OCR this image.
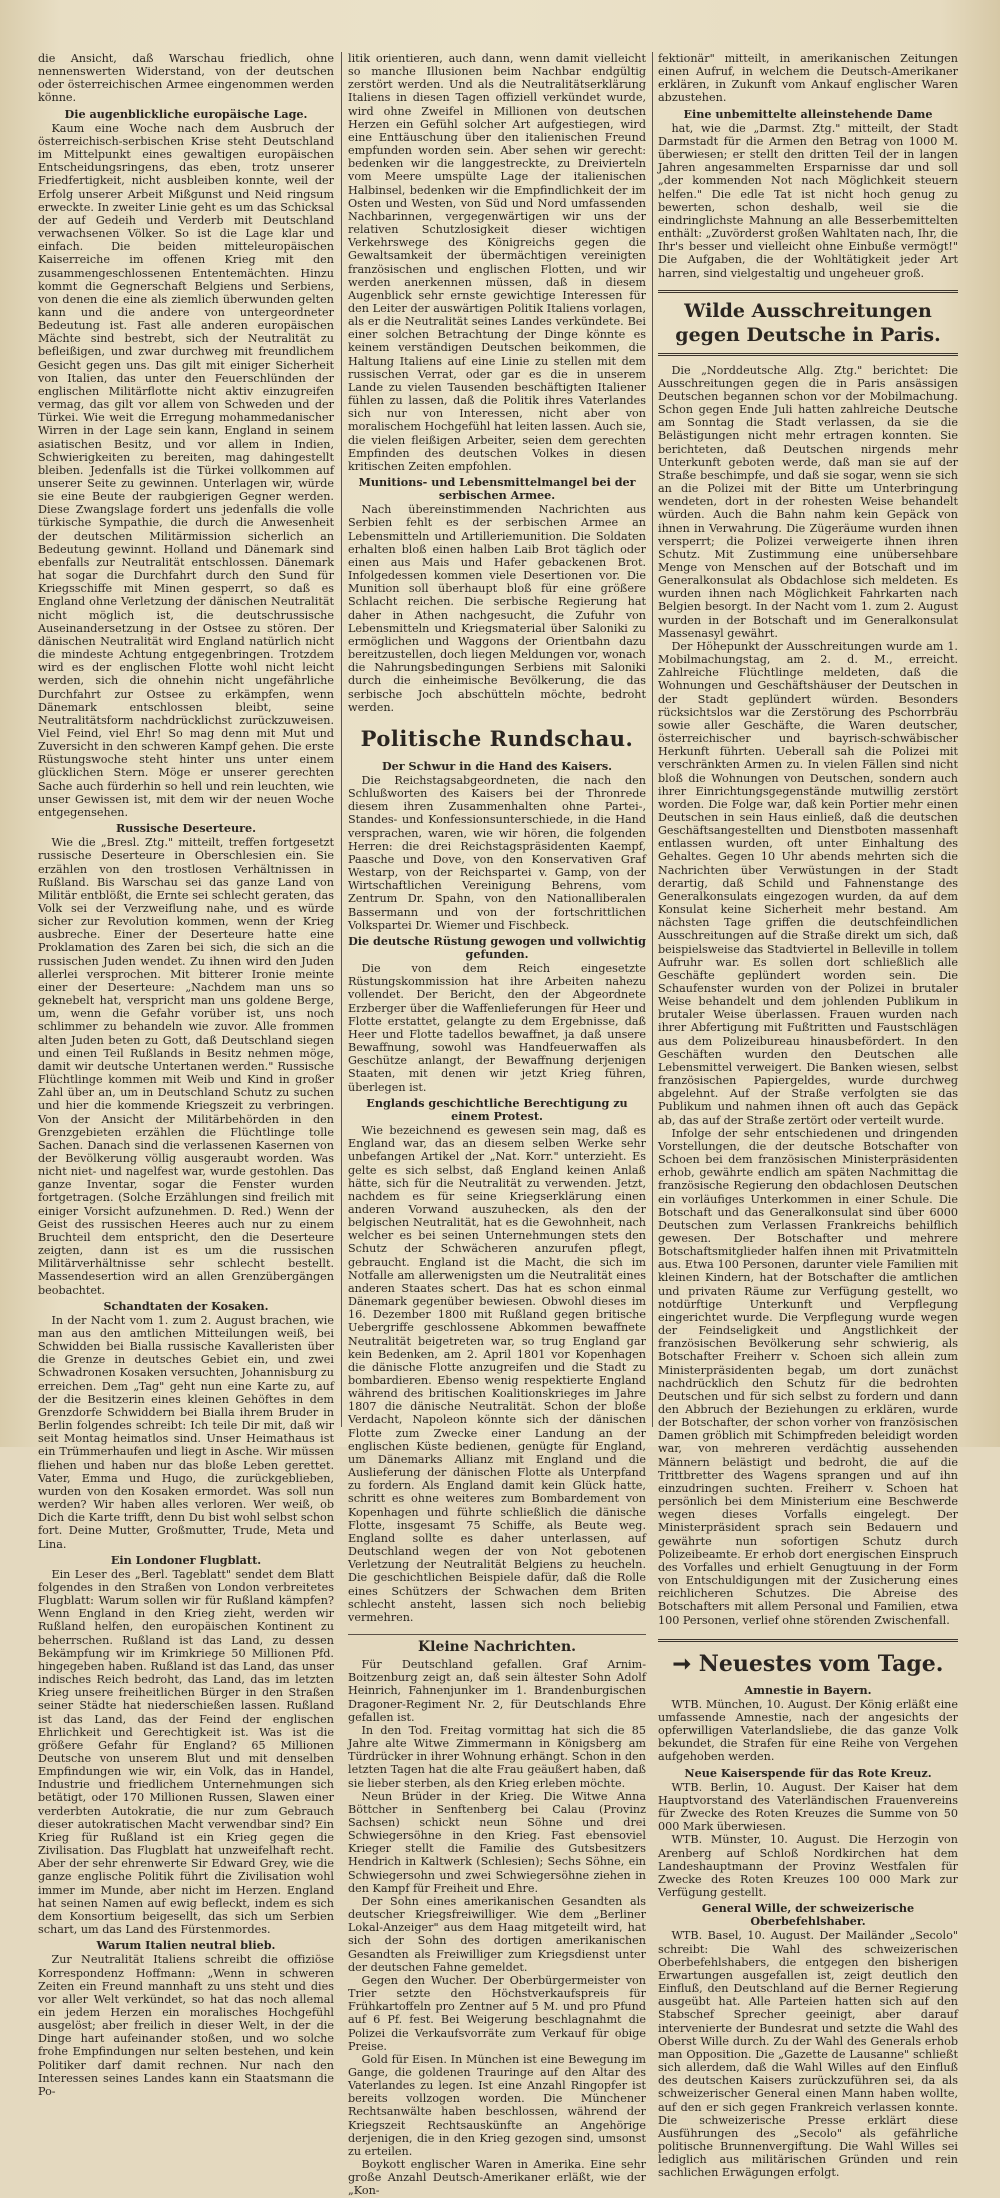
die Ansicht, daß Warschau friedlich, ohne nennenswerten Widerstand, von der deutschen oder österreichischen Armee eingenommen werden könne.

Die augenblickliche europäische Lage.

Kaum eine Woche nach dem Ausbruch der österreichisch-serbischen Krise steht Deutschland im Mittelpunkt eines gewaltigen europäischen Entscheidungsringens, das eben, trotz unserer Friedfertigkeit, nicht ausbleiben konnte, weil der Erfolg unserer Arbeit Mißgunst und Neid ringsum erweckte. In zweiter Linie geht es um das Schicksal der auf Gedeih und Verderb mit Deutschland verwachsenen Völker. So ist die Lage klar und einfach. Die beiden mitteleuropäischen Kaiserreiche im offenen Krieg mit den zusammengeschlossenen Ententemächten. Hinzu kommt die Gegnerschaft Belgiens und Serbiens, von denen die eine als ziemlich überwunden gelten kann und die andere von untergeordneter Bedeutung ist. Fast alle anderen europäischen Mächte sind bestrebt, sich der Neutralität zu befleißigen, und zwar durchweg mit freundlichem Gesicht gegen uns. Das gilt mit einiger Sicherheit von Italien, das unter den Feuerschlünden der englischen Militärflotte nicht aktiv einzugreifen vermag, das gilt vor allem von Schweden und der Türkei. Wie weit die Erregung mohammedanischer Wirren in der Lage sein kann, England in seinem asiatischen Besitz, und vor allem in Indien, Schwierigkeiten zu bereiten, mag dahingestellt bleiben. Jedenfalls ist die Türkei vollkommen auf unserer Seite zu gewinnen. Unterlagen wir, würde sie eine Beute der raubgierigen Gegner werden. Diese Zwangslage fordert uns jedenfalls die volle türkische Sympathie, die durch die Anwesenheit der deutschen Militärmission sicherlich an Bedeutung gewinnt. Holland und Dänemark sind ebenfalls zur Neutralität entschlossen. Dänemark hat sogar die Durchfahrt durch den Sund für Kriegsschiffe mit Minen gesperrt, so daß es England ohne Verletzung der dänischen Neutralität nicht möglich ist, die deutschrussische Auseinandersetzung in der Ostsee zu stören. Der dänischen Neutralität wird England natürlich nicht die mindeste Achtung entgegenbringen. Trotzdem wird es der englischen Flotte wohl nicht leicht werden, sich die ohnehin nicht ungefährliche Durchfahrt zur Ostsee zu erkämpfen, wenn Dänemark entschlossen bleibt, seine Neutralitätsform nachdrücklichst zurückzuweisen. Viel Feind, viel Ehr! So mag denn mit Mut und Zuversicht in den schweren Kampf gehen. Die erste Rüstungswoche steht hinter uns unter einem glücklichen Stern. Möge er unserer gerechten Sache auch fürderhin so hell und rein leuchten, wie unser Gewissen ist, mit dem wir der neuen Woche entgegensehen.

Russische Deserteure.

Wie die „Bresl. Ztg." mitteilt, treffen fortgesetzt russische Deserteure in Oberschlesien ein. Sie erzählen von den trostlosen Verhältnissen in Rußland. Bis Warschau sei das ganze Land von Militär entblößt, die Ernte sei schlecht geraten, das Volk sei der Verzweiflung nahe, und es würde sicher zur Revolution kommen, wenn der Krieg ausbreche. Einer der Deserteure hatte eine Proklamation des Zaren bei sich, die sich an die russischen Juden wendet. Zu ihnen wird den Juden allerlei versprochen. Mit bitterer Ironie meinte einer der Deserteure: „Nachdem man uns so geknebelt hat, verspricht man uns goldene Berge, um, wenn die Gefahr vorüber ist, uns noch schlimmer zu behandeln wie zuvor. Alle frommen alten Juden beten zu Gott, daß Deutschland siegen und einen Teil Rußlands in Besitz nehmen möge, damit wir deutsche Untertanen werden." Russische Flüchtlinge kommen mit Weib und Kind in großer Zahl über an, um in Deutschland Schutz zu suchen und hier die kommende Kriegszeit zu verbringen. Von der Ansicht der Militärbehörden in den Grenzgebieten erzählen die Flüchtlinge tolle Sachen. Danach sind die verlassenen Kasernen von der Bevölkerung völlig ausgeraubt worden. Was nicht niet- und nagelfest war, wurde gestohlen. Das ganze Inventar, sogar die Fenster wurden fortgetragen. (Solche Erzählungen sind freilich mit einiger Vorsicht aufzunehmen. D. Red.) Wenn der Geist des russischen Heeres auch nur zu einem Bruchteil dem entspricht, den die Deserteure zeigten, dann ist es um die russischen Militärverhältnisse sehr schlecht bestellt. Massendesertion wird an allen Grenzübergängen beobachtet.

Schandtaten der Kosaken.

In der Nacht vom 1. zum 2. August brachen, wie man aus den amtlichen Mitteilungen weiß, bei Schwidden bei Bialla russische Kavalleristen über die Grenze in deutsches Gebiet ein, und zwei Schwadronen Kosaken versuchten, Johannisburg zu erreichen. Dem „Tag" geht nun eine Karte zu, auf der die Besitzerin eines kleinen Gehöftes in dem Grenzdorfe Schwiddern bei Bialla ihrem Bruder in Berlin folgendes schreibt: Ich teile Dir mit, daß wir seit Montag heimatlos sind. Unser Heimathaus ist ein Trümmerhaufen und liegt in Asche. Wir müssen fliehen und haben nur das bloße Leben gerettet. Vater, Emma und Hugo, die zurückgeblieben, wurden von den Kosaken ermordet. Was soll nun werden? Wir haben alles verloren. Wer weiß, ob Dich die Karte trifft, denn Du bist wohl selbst schon fort. Deine Mutter, Großmutter, Trude, Meta und Lina.

Ein Londoner Flugblatt.

Ein Leser des „Berl. Tageblatt" sendet dem Blatt folgendes in den Straßen von London verbreitetes Flugblatt: Warum sollen wir für Rußland kämpfen? Wenn England in den Krieg zieht, werden wir Rußland helfen, den europäischen Kontinent zu beherrschen. Rußland ist das Land, zu dessen Bekämpfung wir im Krimkriege 50 Millionen Pfd. hingegeben haben. Rußland ist das Land, das unser indisches Reich bedroht, das Land, das im letzten Krieg unsere freiheitlichen Bürger in den Straßen seiner Städte hat niederschießen lassen. Rußland ist das Land, das der Feind der englischen Ehrlichkeit und Gerechtigkeit ist. Was ist die größere Gefahr für England? 65 Millionen Deutsche von unserem Blut und mit denselben Empfindungen wie wir, ein Volk, das in Handel, Industrie und friedlichem Unternehmungen sich betätigt, oder 170 Millionen Russen, Slawen einer verderbten Autokratie, die nur zum Gebrauch dieser autokratischen Macht verwendbar sind? Ein Krieg für Rußland ist ein Krieg gegen die Zivilisation. Das Flugblatt hat unzweifelhaft recht. Aber der sehr ehrenwerte Sir Edward Grey, wie die ganze englische Politik führt die Zivilisation wohl immer im Munde, aber nicht im Herzen. England hat seinen Namen auf ewig befleckt, indem es sich dem Konsortium beigesellt, das sich um Serbien schart, um das Land des Fürstenmordes.

Warum Italien neutral blieb.

Zur Neutralität Italiens schreibt die offiziöse Korrespondenz Hoffmann: „Wenn in schweren Zeiten ein Freund mannhaft zu uns steht und dies vor aller Welt verkündet, so hat das noch allemal ein jedem Herzen ein moralisches Hochgefühl ausgelöst; aber freilich in dieser Welt, in der die Dinge hart aufeinander stoßen, und wo solche frohe Empfindungen nur selten bestehen, und kein Politiker darf damit rechnen. Nur nach den Interessen seines Landes kann ein Staatsmann die Po-

litik orientieren, auch dann, wenn damit vielleicht so manche Illusionen beim Nachbar endgültig zerstört werden. Und als die Neutralitätserklärung Italiens in diesen Tagen offiziell verkündet wurde, wird ohne Zweifel in Millionen von deutschen Herzen ein Gefühl solcher Art aufgestiegen, wird eine Enttäuschung über den italienischen Freund empfunden worden sein. Aber sehen wir gerecht: bedenken wir die langgestreckte, zu Dreivierteln vom Meere umspülte Lage der italienischen Halbinsel, bedenken wir die Empfindlichkeit der im Osten und Westen, von Süd und Nord umfassenden Nachbarinnen, vergegenwärtigen wir uns der relativen Schutzlosigkeit dieser wichtigen Verkehrswege des Königreichs gegen die Gewaltsamkeit der übermächtigen vereinigten französischen und englischen Flotten, und wir werden anerkennen müssen, daß in diesem Augenblick sehr ernste gewichtige Interessen für den Leiter der auswärtigen Politik Italiens vorlagen, als er die Neutralität seines Landes verkündete. Bei einer solchen Betrachtung der Dinge könnte es keinem verständigen Deutschen beikommen, die Haltung Italiens auf eine Linie zu stellen mit dem russischen Verrat, oder gar es die in unserem Lande zu vielen Tausenden beschäftigten Italiener fühlen zu lassen, daß die Politik ihres Vaterlandes sich nur von Interessen, nicht aber von moralischem Hochgefühl hat leiten lassen. Auch sie, die vielen fleißigen Arbeiter, seien dem gerechten Empfinden des deutschen Volkes in diesen kritischen Zeiten empfohlen.

Munitions- und Lebensmittelmangel bei der serbischen Armee.

Nach übereinstimmenden Nachrichten aus Serbien fehlt es der serbischen Armee an Lebensmitteln und Artilleriemunition. Die Soldaten erhalten bloß einen halben Laib Brot täglich oder einen aus Mais und Hafer gebackenen Brot. Infolgedessen kommen viele Desertionen vor. Die Munition soll überhaupt bloß für eine größere Schlacht reichen. Die serbische Regierung hat daher in Athen nachgesucht, die Zufuhr von Lebensmitteln und Kriegsmaterial über Saloniki zu ermöglichen und Waggons der Orientbahn dazu bereitzustellen, doch liegen Meldungen vor, wonach die Nahrungsbedingungen Serbiens mit Saloniki durch die einheimische Bevölkerung, die das serbische Joch abschütteln möchte, bedroht werden.

Politische Rundschau.
Der Schwur in die Hand des Kaisers.

Die Reichstagsabgeordneten, die nach den Schlußworten des Kaisers bei der Thronrede diesem ihren Zusammenhalten ohne Partei-, Standes- und Konfessionsunterschiede, in die Hand versprachen, waren, wie wir hören, die folgenden Herren: die drei Reichstagspräsidenten Kaempf, Paasche und Dove, von den Konservativen Graf Westarp, von der Reichspartei v. Gamp, von der Wirtschaftlichen Vereinigung Behrens, vom Zentrum Dr. Spahn, von den Nationalliberalen Bassermann und von der fortschrittlichen Volkspartei Dr. Wiemer und Fischbeck.

Die deutsche Rüstung gewogen und vollwichtig gefunden.

Die von dem Reich eingesetzte Rüstungskommission hat ihre Arbeiten nahezu vollendet. Der Bericht, den der Abgeordnete Erzberger über die Waffenlieferungen für Heer und Flotte erstattet, gelangte zu dem Ergebnisse, daß Heer und Flotte tadellos bewaffnet, ja daß unsere Bewaffnung, sowohl was Handfeuerwaffen als Geschütze anlangt, der Bewaffnung derjenigen Staaten, mit denen wir jetzt Krieg führen, überlegen ist.

Englands geschichtliche Berechtigung zu einem Protest.

Wie bezeichnend es gewesen sein mag, daß es England war, das an diesem selben Werke sehr unbefangen Artikel der „Nat. Korr." unterzieht. Es gelte es sich selbst, daß England keinen Anlaß hätte, sich für die Neutralität zu verwenden. Jetzt, nachdem es für seine Kriegserklärung einen anderen Vorwand auszuhecken, als den der belgischen Neutralität, hat es die Gewohnheit, nach welcher es bei seinen Unternehmungen stets den Schutz der Schwächeren anzurufen pflegt, gebraucht. England ist die Macht, die sich im Notfalle am allerwenigsten um die Neutralität eines anderen Staates schert. Das hat es schon einmal Dänemark gegenüber bewiesen. Obwohl dieses im 16. Dezember 1800 mit Rußland gegen britische Uebergriffe geschlossene Abkommen bewaffnete Neutralität beigetreten war, so trug England gar kein Bedenken, am 2. April 1801 vor Kopenhagen die dänische Flotte anzugreifen und die Stadt zu bombardieren. Ebenso wenig respektierte England während des britischen Koalitionskrieges im Jahre 1807 die dänische Neutralität. Schon der bloße Verdacht, Napoleon könnte sich der dänischen Flotte zum Zwecke einer Landung an der englischen Küste bedienen, genügte für England, um Dänemarks Allianz mit England und die Auslieferung der dänischen Flotte als Unterpfand zu fordern. Als England damit kein Glück hatte, schritt es ohne weiteres zum Bombardement von Kopenhagen und führte schließlich die dänische Flotte, insgesamt 75 Schiffe, als Beute weg. England sollte es daher unterlassen, auf Deutschland wegen der von Not gebotenen Verletzung der Neutralität Belgiens zu heucheln. Die geschichtlichen Beispiele dafür, daß die Rolle eines Schützers der Schwachen dem Briten schlecht ansteht, lassen sich noch beliebig vermehren.

Kleine Nachrichten.

Für Deutschland gefallen. Graf Arnim-Boitzenburg zeigt an, daß sein ältester Sohn Adolf Heinrich, Fahnenjunker im 1. Brandenburgischen Dragoner-Regiment Nr. 2, für Deutschlands Ehre gefallen ist.

In den Tod. Freitag vormittag hat sich die 85 Jahre alte Witwe Zimmermann in Königsberg am Türdrücker in ihrer Wohnung erhängt. Schon in den letzten Tagen hat die alte Frau geäußert haben, daß sie lieber sterben, als den Krieg erleben möchte.

Neun Brüder in der Krieg. Die Witwe Anna Böttcher in Senftenberg bei Calau (Provinz Sachsen) schickt neun Söhne und drei Schwiegersöhne in den Krieg. Fast ebensoviel Krieger stellt die Familie des Gutsbesitzers Hendrich in Kaltwerk (Schlesien); Sechs Söhne, ein Schwiegersohn und zwei Schwiegersöhne ziehen in den Kampf für Freiheit und Ehre.

Der Sohn eines amerikanischen Gesandten als deutscher Kriegsfreiwilliger. Wie dem „Berliner Lokal-Anzeiger" aus dem Haag mitgeteilt wird, hat sich der Sohn des dortigen amerikanischen Gesandten als Freiwilliger zum Kriegsdienst unter der deutschen Fahne gemeldet.

Gegen den Wucher. Der Oberbürgermeister von Trier setzte den Höchstverkaufspreis für Frühkartoffeln pro Zentner auf 5 M. und pro Pfund auf 6 Pf. fest. Bei Weigerung beschlagnahmt die Polizei die Verkaufsvorräte zum Verkauf für obige Preise.

Gold für Eisen. In München ist eine Bewegung im Gange, die goldenen Trauringe auf den Altar des Vaterlandes zu legen. Ist eine Anzahl Ringopfer ist bereits vollzogen worden. Die Münchener Rechtsanwälte haben beschlossen, während der Kriegszeit Rechtsauskünfte an Angehörige derjenigen, die in den Krieg gezogen sind, umsonst zu erteilen.

Boykott englischer Waren in Amerika. Eine sehr große Anzahl Deutsch-Amerikaner erläßt, wie der „Kon-

fektionär" mitteilt, in amerikanischen Zeitungen einen Aufruf, in welchem die Deutsch-Amerikaner erklären, in Zukunft vom Ankauf englischer Waren abzustehen.

Eine unbemittelte alleinstehende Dame

hat, wie die „Darmst. Ztg." mitteilt, der Stadt Darmstadt für die Armen den Betrag von 1000 M. überwiesen; er stellt den dritten Teil der in langen Jahren angesammelten Ersparnisse dar und soll „der kommenden Not nach Möglichkeit steuern helfen." Die edle Tat ist nicht hoch genug zu bewerten, schon deshalb, weil sie die eindringlichste Mahnung an alle Besserbemittelten enthält: „Zuvörderst großen Wahltaten nach, Ihr, die Ihr's besser und vielleicht ohne Einbuße vermögt!" Die Aufgaben, die der Wohltätigkeit jeder Art harren, sind vielgestaltig und ungeheuer groß.

Wilde Ausschreitungen gegen Deutsche in Paris.

Die „Norddeutsche Allg. Ztg." berichtet: Die Ausschreitungen gegen die in Paris ansässigen Deutschen begannen schon vor der Mobilmachung. Schon gegen Ende Juli hatten zahlreiche Deutsche am Sonntag die Stadt verlassen, da sie die Belästigungen nicht mehr ertragen konnten. Sie berichteten, daß Deutschen nirgends mehr Unterkunft geboten werde, daß man sie auf der Straße beschimpfe, und daß sie sogar, wenn sie sich an die Polizei mit der Bitte um Unterbringung wendeten, dort in der rohesten Weise behandelt würden. Auch die Bahn nahm kein Gepäck von ihnen in Verwahrung. Die Zügeräume wurden ihnen versperrt; die Polizei verweigerte ihnen ihren Schutz. Mit Zustimmung eine unübersehbare Menge von Menschen auf der Botschaft und im Generalkonsulat als Obdachlose sich meldeten. Es wurden ihnen nach Möglichkeit Fahrkarten nach Belgien besorgt. In der Nacht vom 1. zum 2. August wurden in der Botschaft und im Generalkonsulat Massenasyl gewährt.

Der Höhepunkt der Ausschreitungen wurde am 1. Mobilmachungstag, am 2. d. M., erreicht. Zahlreiche Flüchtlinge meldeten, daß die Wohnungen und Geschäftshäuser der Deutschen in der Stadt geplündert würden. Besonders rücksichtslos war die Zerstörung des Pschorrbräu sowie aller Geschäfte, die Waren deutscher, österreichischer und bayrisch-schwäbischer Herkunft führten. Ueberall sah die Polizei mit verschränkten Armen zu. In vielen Fällen sind nicht bloß die Wohnungen von Deutschen, sondern auch ihrer Einrichtungsgegenstände mutwillig zerstört worden. Die Folge war, daß kein Portier mehr einen Deutschen in sein Haus einließ, daß die deutschen Geschäftsangestellten und Dienstboten massenhaft entlassen wurden, oft unter Einhaltung des Gehaltes. Gegen 10 Uhr abends mehrten sich die Nachrichten über Verwüstungen in der Stadt derartig, daß Schild und Fahnenstange des Generalkonsulats eingezogen wurden, da auf dem Konsulat keine Sicherheit mehr bestand. Am nächsten Tage griffen die deutschfeindlichen Ausschreitungen auf die Straße direkt um sich, daß beispielsweise das Stadtviertel in Belleville in tollem Aufruhr war. Es sollen dort schließlich alle Geschäfte geplündert worden sein. Die Schaufenster wurden von der Polizei in brutaler Weise behandelt und dem johlenden Publikum in brutaler Weise überlassen. Frauen wurden nach ihrer Abfertigung mit Fußtritten und Faustschlägen aus dem Polizeibureau hinausbefördert. In den Geschäften wurden den Deutschen alle Lebensmittel verweigert. Die Banken wiesen, selbst französischen Papiergeldes, wurde durchweg abgelehnt. Auf der Straße verfolgten sie das Publikum und nahmen ihnen oft auch das Gepäck ab, das auf der Straße zertört oder verteilt wurde.

Infolge der sehr entschiedenen und dringenden Vorstellungen, die der deutsche Botschafter von Schoen bei dem französischen Ministerpräsidenten erhob, gewährte endlich am späten Nachmittag die französische Regierung den obdachlosen Deutschen ein vorläufiges Unterkommen in einer Schule. Die Botschaft und das Generalkonsulat sind über 6000 Deutschen zum Verlassen Frankreichs behilflich gewesen. Der Botschafter und mehrere Botschaftsmitglieder halfen ihnen mit Privatmitteln aus. Etwa 100 Personen, darunter viele Familien mit kleinen Kindern, hat der Botschafter die amtlichen und privaten Räume zur Verfügung gestellt, wo notdürftige Unterkunft und Verpflegung eingerichtet wurde. Die Verpflegung wurde wegen der Feindseligkeit und Angstlichkeit der französischen Bevölkerung sehr schwierig, als Botschafter Freiherr v. Schoen sich allein zum Ministerpräsidenten begab, um dort zunächst nachdrücklich den Schutz für die bedrohten Deutschen und für sich selbst zu fordern und dann den Abbruch der Beziehungen zu erklären, wurde der Botschafter, der schon vorher von französischen Damen gröblich mit Schimpfreden beleidigt worden war, von mehreren verdächtig aussehenden Männern belästigt und bedroht, die auf die Trittbretter des Wagens sprangen und auf ihn einzudringen suchten. Freiherr v. Schoen hat persönlich bei dem Ministerium eine Beschwerde wegen dieses Vorfalls eingelegt. Der Ministerpräsident sprach sein Bedauern und gewährte nun sofortigen Schutz durch Polizeibeamte. Er erhob dort energischen Einspruch des Vorfalles und erhielt Genugtuung in der Form von Entschuldigungen mit der Zusicherung eines reichlicheren Schutzes. Die Abreise des Botschafters mit allem Personal und Familien, etwa 100 Personen, verlief ohne störenden Zwischenfall.

➞ Neuestes vom Tage.
Amnestie in Bayern.

WTB. München, 10. August. Der König erläßt eine umfassende Amnestie, nach der angesichts der opferwilligen Vaterlandsliebe, die das ganze Volk bekundet, die Strafen für eine Reihe von Vergehen aufgehoben werden.

Neue Kaiserspende für das Rote Kreuz.

WTB. Berlin, 10. August. Der Kaiser hat dem Hauptvorstand des Vaterländischen Frauenvereins für Zwecke des Roten Kreuzes die Summe von 50 000 Mark überwiesen.

WTB. Münster, 10. August. Die Herzogin von Arenberg auf Schloß Nordkirchen hat dem Landeshauptmann der Provinz Westfalen für Zwecke des Roten Kreuzes 100 000 Mark zur Verfügung gestellt.

General Wille, der schweizerische Oberbefehlshaber.

WTB. Basel, 10. August. Der Mailänder „Secolo" schreibt: Die Wahl des schweizerischen Oberbefehlshabers, die entgegen den bisherigen Erwartungen ausgefallen ist, zeigt deutlich den Einfluß, den Deutschland auf die Berner Regierung ausgeübt hat. Alle Parteien hatten sich auf den Stabschef Sprecher geeinigt, aber darauf intervenierte der Bundesrat und setzte die Wahl des Oberst Wille durch. Zu der Wahl des Generals erhob man Opposition. Die „Gazette de Lausanne" schließt sich allerdem, daß die Wahl Willes auf den Einfluß des deutschen Kaisers zurückzuführen sei, da als schweizerischer General einen Mann haben wollte, auf den er sich gegen Frankreich verlassen konnte. Die schweizerische Presse erklärt diese Ausführungen des „Secolo" als gefährliche politische Brunnenvergiftung. Die Wahl Willes sei lediglich aus militärischen Gründen und rein sachlichen Erwägungen erfolgt.
